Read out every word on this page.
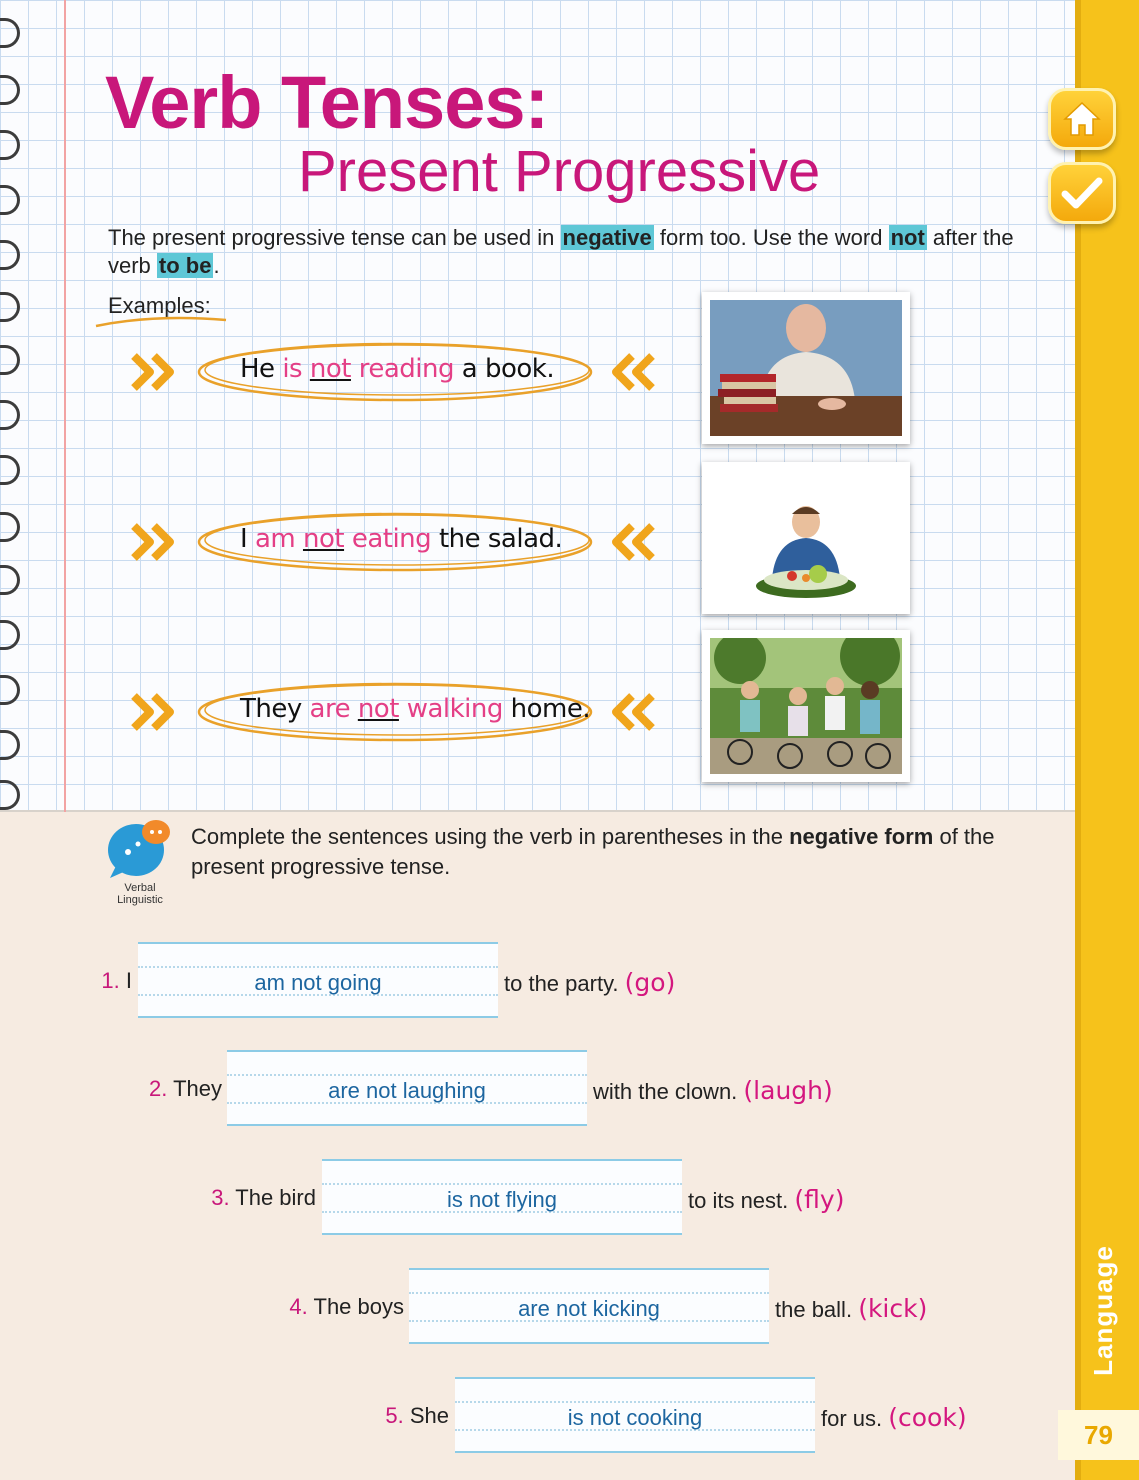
Language
79
Verb Tenses:
Present Progressive
The present progressive tense can be used in negative form too. Use the word not after the verb to be.
Examples:
He is not reading a book.
I am not eating the salad.
They are not walking home.
Verbal
Linguistic
Complete the sentences using the verb in parentheses in the negative form of the present progressive tense.
1. I	am not going	to the party. (go)
2. They	are not laughing	with the clown. (laugh)
3. The bird	is not flying	to its nest. (fly)
4. The boys	are not kicking	the ball. (kick)
5. She	is not cooking	for us. (cook)
